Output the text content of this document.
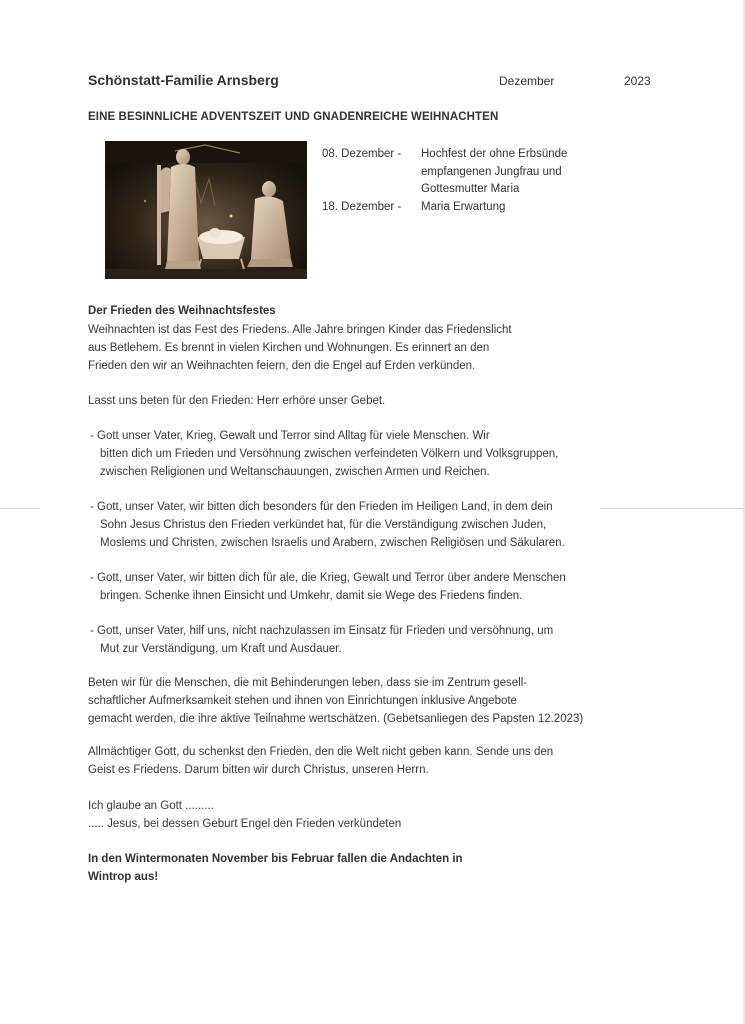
Schönstatt-Familie Arnsberg	Dezember	2023
EINE BESINNLICHE ADVENTSZEIT UND GNADENREICHE WEIHNACHTEN
08. Dezember -	Hochfest der ohne Erbsünde
empfangenen Jungfrau und
Gottesmutter Maria
18. Dezember -	Maria Erwartung
Der Frieden des Weihnachtsfestes
Weihnachten ist das Fest des Friedens. Alle Jahre bringen Kinder das Friedenslicht
aus Betlehem. Es brennt in vielen Kirchen und Wohnungen. Es erinnert an den
Frieden den wir an Weihnachten feiern, den die Engel auf Erden verkünden.
Lasst uns beten für den Frieden: Herr erhöre unser Gebet.
- Gott unser Vater, Krieg, Gewalt und Terror sind Alltag für viele Menschen. Wir
bitten dich um Frieden und Versöhnung zwischen verfeindeten Völkern und Volksgruppen,
zwischen Religionen und Weltanschauungen, zwischen Armen und Reichen.
- Gott, unser Vater, wir bitten dich besonders für den Frieden im Heiligen Land, in dem dein
Sohn Jesus Christus den Frieden verkündet hat, für die Verständigung zwischen Juden,
Moslems und Christen, zwischen Israelis und Arabern, zwischen Religiösen und Säkularen.
- Gott, unser Vater, wir bitten dich für ale, die Krieg, Gewalt und Terror über andere Menschen
bringen. Schenke ihnen Einsicht und Umkehr, damit sie Wege des Friedens finden.
- Gott, unser Vater, hilf uns, nicht nachzulassen im Einsatz für Frieden und versöhnung, um
Mut zur Verständigung, um Kraft und Ausdauer.
Beten wir für die Menschen, die mit Behinderungen leben, dass sie im Zentrum gesell-
schaftlicher Aufmerksamkeit stehen und ihnen von Einrichtungen inklusive Angebote
gemacht werden, die ihre aktive Teilnahme wertschätzen. (Gebetsanliegen des Papsten 12.2023)
Allmächtiger Gott, du schenkst den Frieden, den die Welt nicht geben kann. Sende uns den
Geist es Friedens. Darum bitten wir durch Christus, unseren Herrn.
Ich glaube an Gott .........
..... Jesus, bei dessen Geburt Engel den Frieden verkündeten
In den Wintermonaten November bis Februar fallen die Andachten in
Wintrop aus!
